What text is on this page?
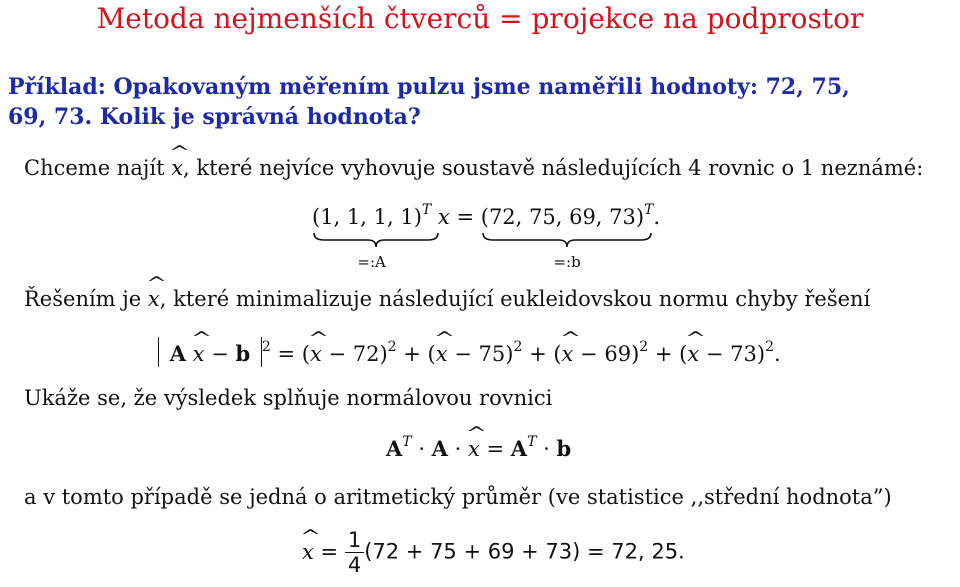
Metoda nejmenších čtverců = projekce na podprostor
Příklad: Opakovaným měřením pulzu jsme naměřili hodnoty: 72, 75,
69, 73. Kolik je správná hodnota?
Chceme najít x ^, které nejvíce vyhovuje soustavě následujících 4 rovnic o 1 neznámé:
(1, 1, 1, 1)$^T$
=:A
x = (72, 75, 69, 73)$^T$
=:b
.
Řešením je x ^, které minimalizuje následující eukleidovskou normu chyby řešení
A x ^ − b $^2$ = (x ^ − 72)$^2$ + (x ^ − 75)$^2$ + (x ^ − 69)$^2$ + (x ^ − 73)$^2$.
Ukáže se, že výsledek splňuje normálovou rovnici
$A^T \cdot A \cdot x$ ^ = $A^T \cdot b$
a v tomto případě se jedná o aritmetický průměr (ve statistice ,,střední hodnota”)
x ^ = $\frac{1}{4} (72 + 75 + 69 + 73) = 72$, 25.
